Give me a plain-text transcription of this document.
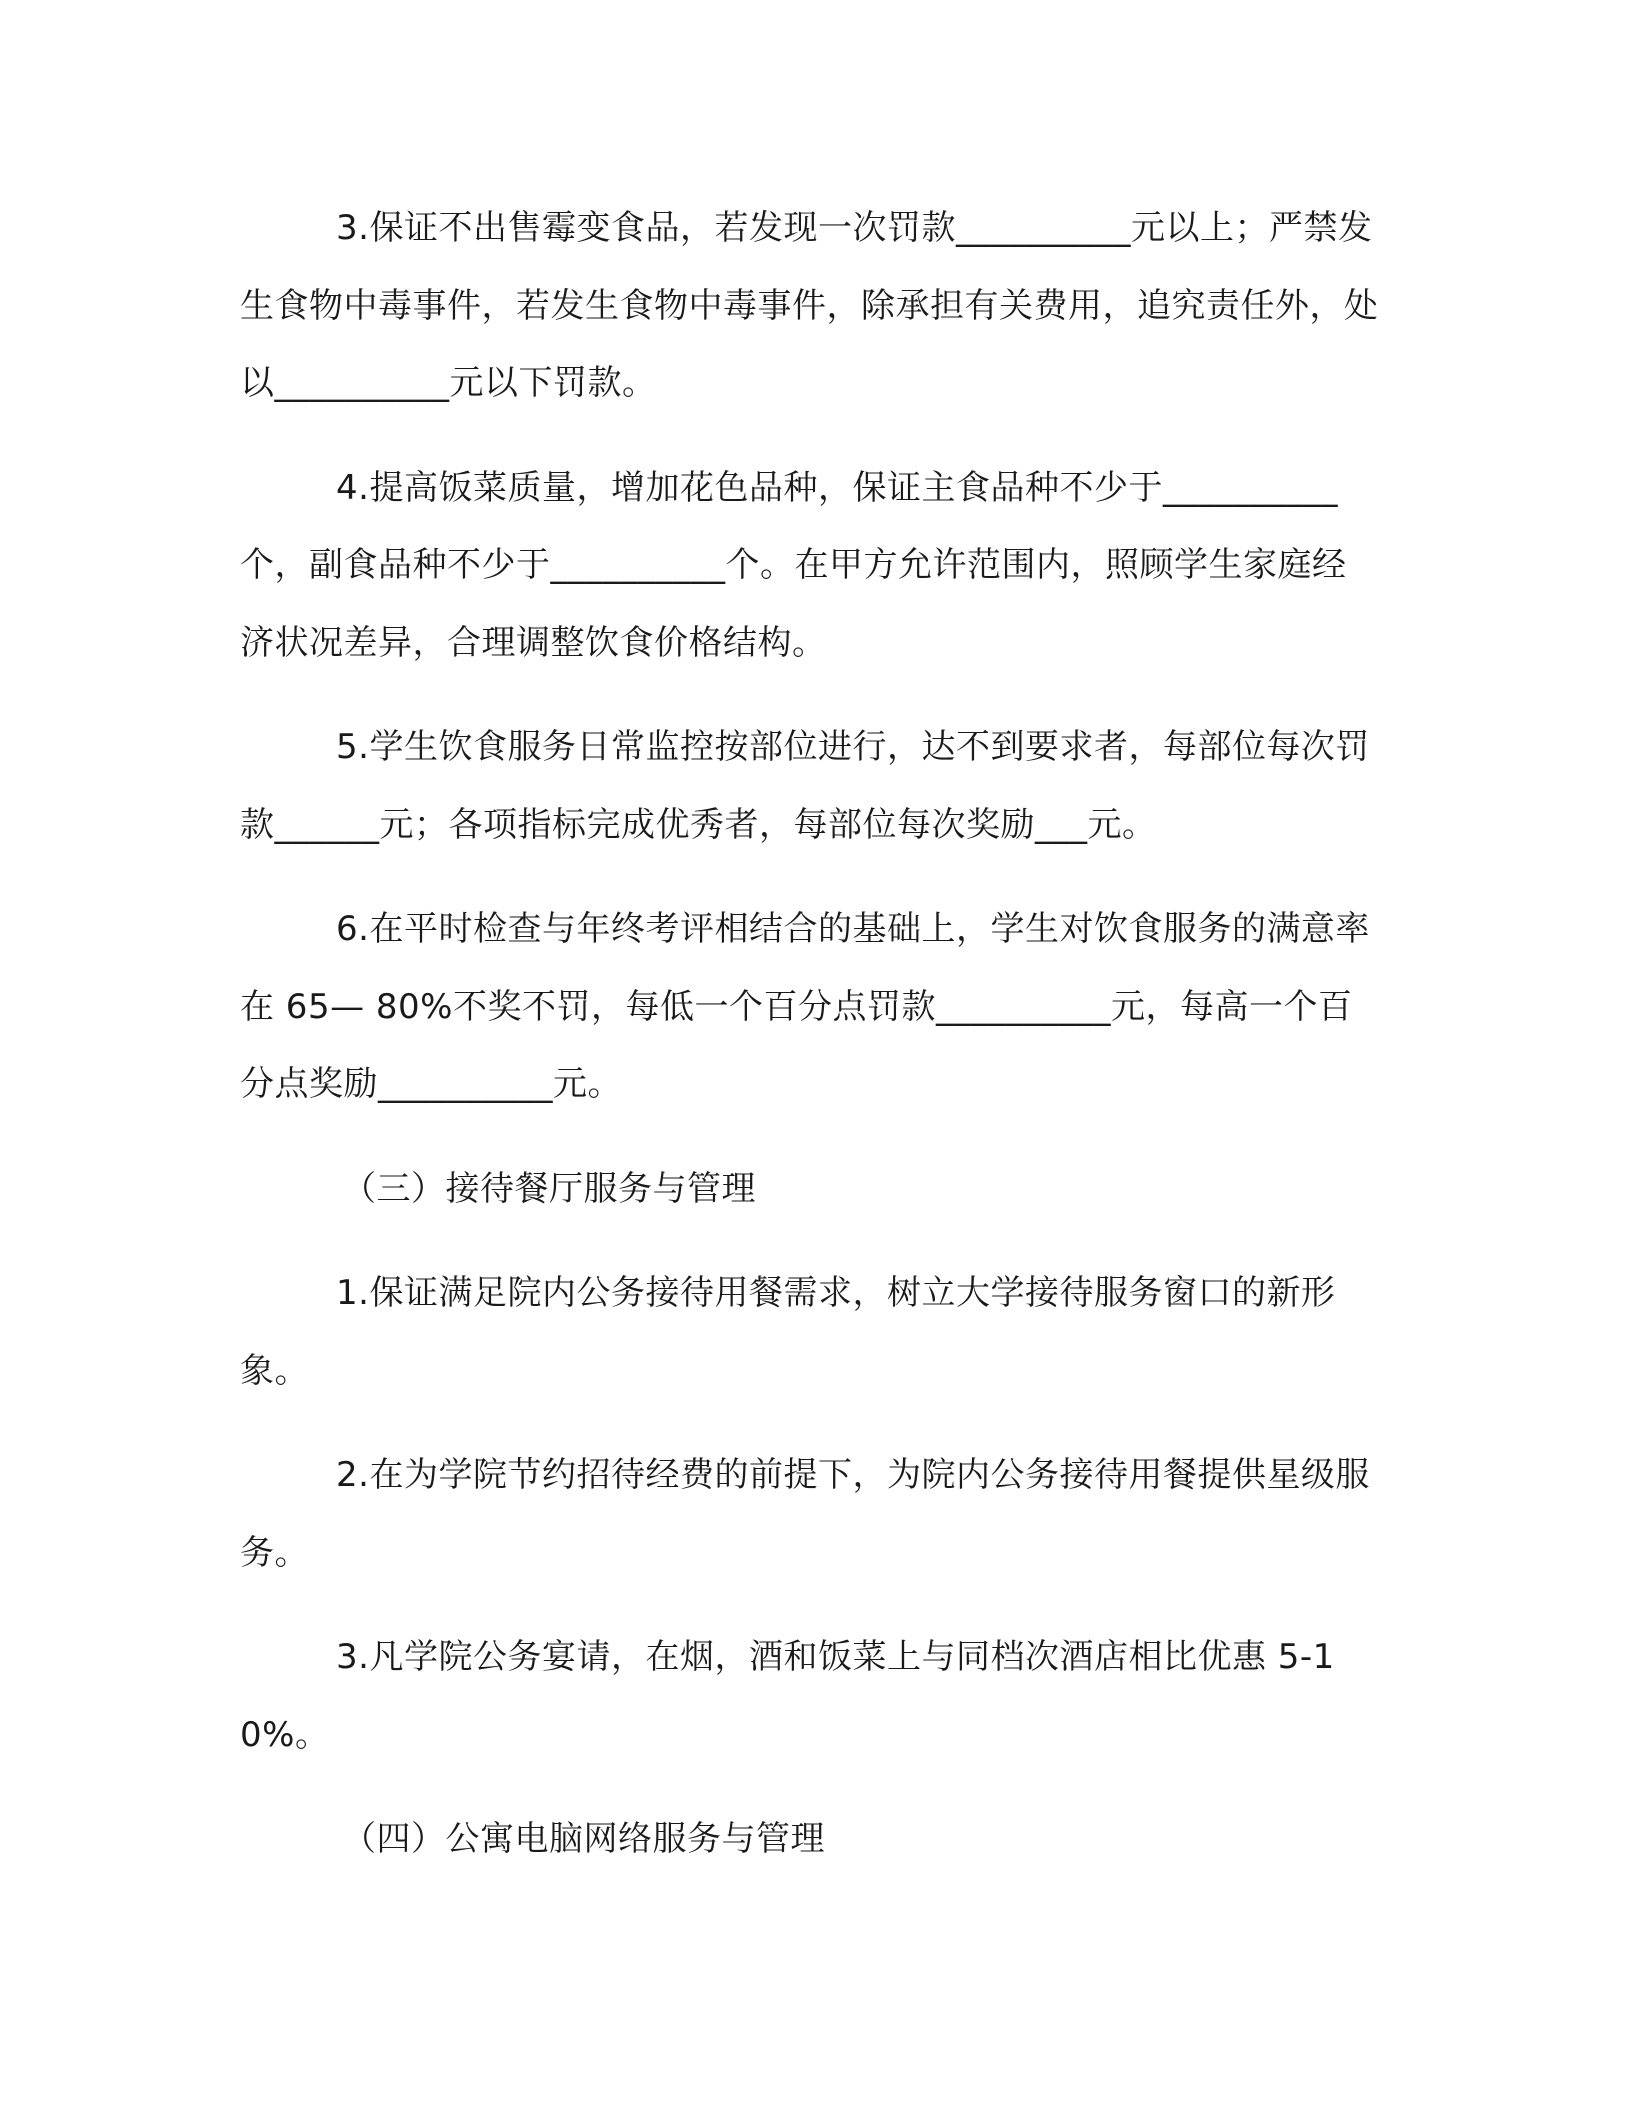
3.保证不出售霉变食品，若发现一次罚款__________元以上；严禁发生食物中毒事件，若发生食物中毒事件，除承担有关费用，追究责任外，处以__________元以下罚款。

4.提高饭菜质量，增加花色品种，保证主食品种不少于__________个，副食品种不少于__________个。在甲方允许范围内，照顾学生家庭经济状况差异，合理调整饮食价格结构。

5.学生饮食服务日常监控按部位进行，达不到要求者，每部位每次罚款______元；各项指标完成优秀者，每部位每次奖励___元。

6.在平时检查与年终考评相结合的基础上，学生对饮食服务的满意率在 65— 80%不奖不罚，每低一个百分点罚款__________元，每高一个百分点奖励__________元。

（三）接待餐厅服务与管理

1.保证满足院内公务接待用餐需求，树立大学接待服务窗口的新形象。

2.在为学院节约招待经费的前提下，为院内公务接待用餐提供星级服务。

3.凡学院公务宴请，在烟，酒和饭菜上与同档次酒店相比优惠 5-10%。

（四）公寓电脑网络服务与管理
